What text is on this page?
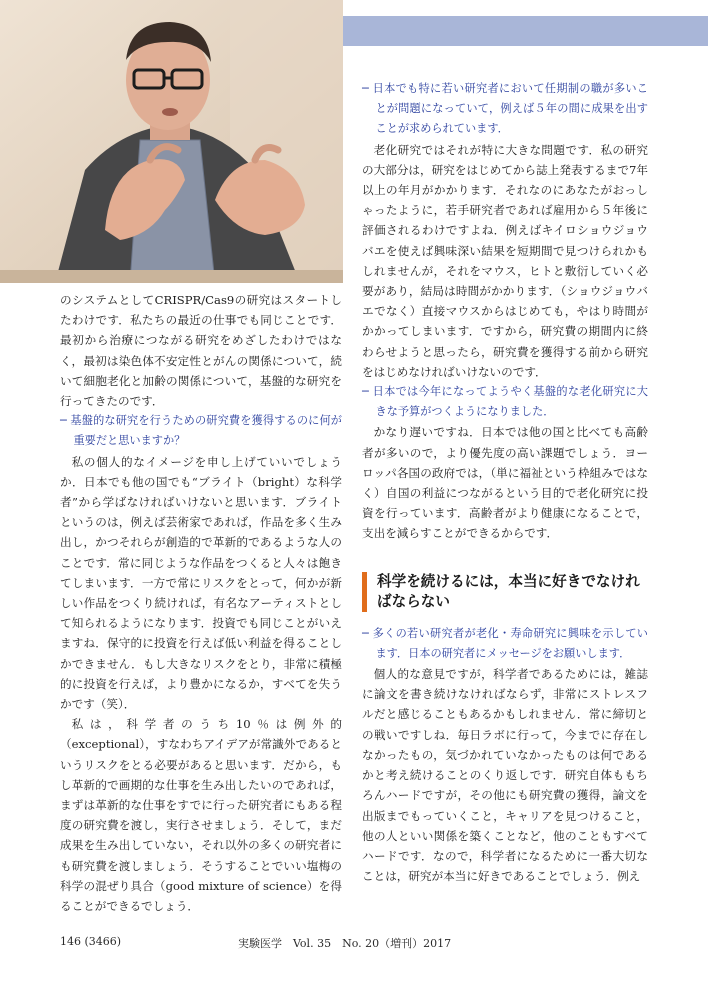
のシステムとしてCRISPR/Cas9の研究はスタートしたわけです．私たちの最近の仕事でも同じことです．最初から治療につながる研究をめざしたわけではなく，最初は染色体不安定性とがんの関係について，続いて細胞老化と加齢の関係について，基盤的な研究を行ってきたのです．

─ 基盤的な研究を行うための研究費を獲得するのに何が重要だと思いますか？

私の個人的なイメージを申し上げていいでしょうか．日本でも他の国でも“ブライト（bright）な科学者”から学ばなければいけないと思います．ブライトというのは，例えば芸術家であれば，作品を多く生み出し，かつそれらが創造的で革新的であるような人のことです．常に同じような作品をつくると人々は飽きてしまいます．一方で常にリスクをとって，何かが新しい作品をつくり続ければ，有名なアーティストとして知られるようになります．投資でも同じことがいえますね．保守的に投資を行えば低い利益を得ることしかできません．もし大きなリスクをとり，非常に積極的に投資を行えば，より豊かになるか，すべてを失うかです（笑）．

私は，科学者のうち10％は例外的（exceptional），すなわちアイデアが常識外であるというリスクをとる必要があると思います．だから，もし革新的で画期的な仕事を生み出したいのであれば，まずは革新的な仕事をすでに行った研究者にもある程度の研究費を渡し，実行させましょう．そして，まだ成果を生み出していない，それ以外の多くの研究者にも研究費を渡しましょう．そうすることでいい塩梅の科学の混ぜり具合（good mixture of science）を得ることができるでしょう．

─ 日本でも特に若い研究者において任期制の職が多いことが問題になっていて，例えば５年の間に成果を出すことが求められています．

老化研究ではそれが特に大きな問題です．私の研究の大部分は，研究をはじめてから誌上発表するまで7年以上の年月がかかります．それなのにあなたがおっしゃったように，若手研究者であれば雇用から５年後に評価されるわけですよね．例えばキイロショウジョウバエを使えば興味深い結果を短期間で見つけられかもしれませんが，それをマウス，ヒトと敷衍していく必要があり，結局は時間がかかります．（ショウジョウバエでなく）直接マウスからはじめても，やはり時間がかかってしまいます．ですから，研究費の期間内に終わらせようと思ったら，研究費を獲得する前から研究をはじめなければいけないのです．

─ 日本では今年になってようやく基盤的な老化研究に大きな予算がつくようになりました．

かなり遅いですね．日本では他の国と比べても高齢者が多いので，より優先度の高い課題でしょう．ヨーロッパ各国の政府では，（単に福祉という枠組みではなく）自国の利益につながるという目的で老化研究に投資を行っています．高齢者がより健康になることで，支出を減らすことができるからです．

科学を続けるには，本当に好きでなければならない

─ 多くの若い研究者が老化・寿命研究に興味を示しています．日本の研究者にメッセージをお願いします．

個人的な意見ですが，科学者であるためには，雑誌に論文を書き続けなければならず，非常にストレスフルだと感じることもあるかもしれません．常に締切との戦いですしね．毎日ラボに行って，今までに存在しなかったもの，気づかれていなかったものは何であるかと考え続けることのくり返しです．研究自体ももちろんハードですが，その他にも研究費の獲得，論文を出版までもっていくこと，キャリアを見つけること，他の人といい関係を築くことなど，他のこともすべてハードです．なので，科学者になるために一番大切なことは，研究が本当に好きであることでしょう．例え

146 (3466)	実験医学　Vol. 35　No. 20（増刊）2017
